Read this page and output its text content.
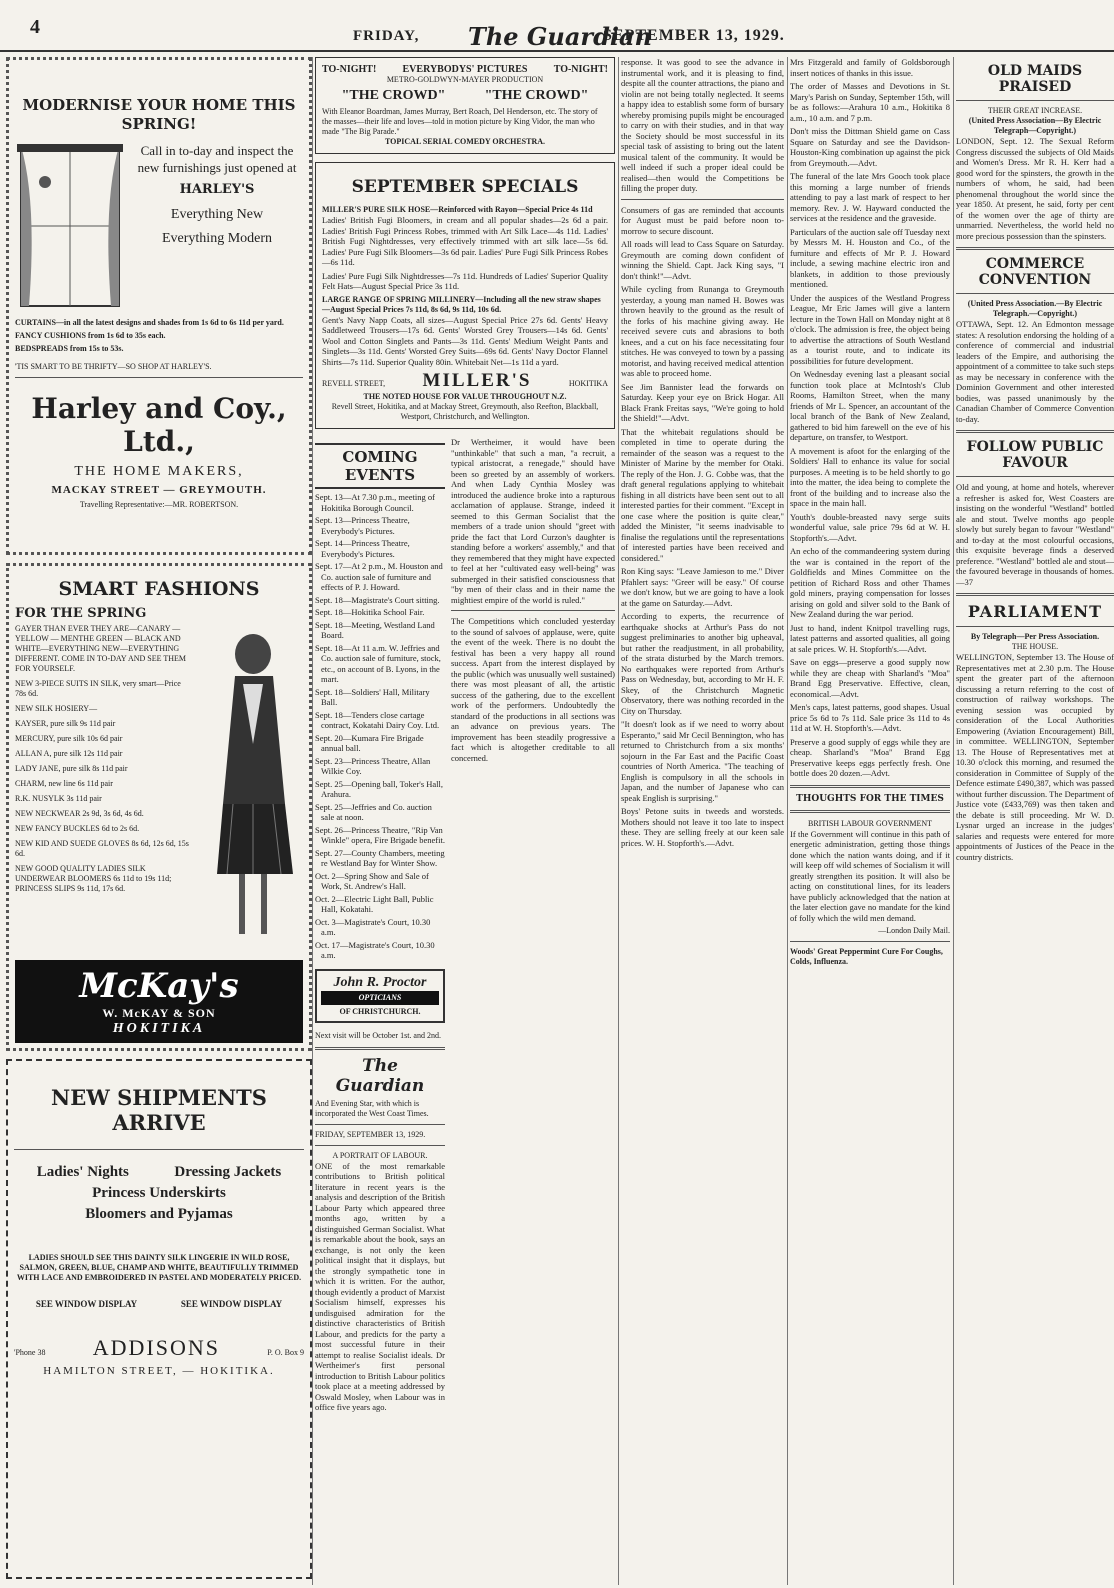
4	FRIDAY, The Guardian
SEPTEMBER 13, 1929.
MODERNISE YOUR HOME THIS SPRING!
Call in to-day and inspect the new furnishings just opened at
HARLEY'S
Everything New
Everything Modern
CURTAINS—in all the latest designs and shades from 1s 6d to 6s 11d per yard.
FANCY CUSHIONS from 1s 6d to 35s each.
BEDSPREADS from 15s to 53s.
'TIS SMART TO BE THRIFTY—SO SHOP AT HARLEY'S.
Harley and Coy., Ltd.,
THE HOME MAKERS,
MACKAY STREET — GREYMOUTH.
Travelling Representative:—MR. ROBERTSON.
SMART FASHIONS
FOR THE SPRING
GAYER THAN EVER THEY ARE—CANARY — YELLOW — MENTHE GREEN — BLACK AND WHITE—EVERYTHING NEW—EVERYTHING DIFFERENT. COME IN TO-DAY AND SEE THEM FOR YOURSELF.
NEW 3-PIECE SUITS IN SILK, very smart—Price 78s 6d.
NEW SILK HOSIERY—
KAYSER, pure silk 9s 11d pair
MERCURY, pure silk 10s 6d pair
ALLAN A, pure silk 12s 11d pair
LADY JANE, pure silk 8s 11d pair
CHARM, new line 6s 11d pair
R.K. NUSYLK 3s 11d pair
NEW NECKWEAR 2s 9d, 3s 6d, 4s 6d.
NEW FANCY BUCKLES 6d to 2s 6d.
NEW KID AND SUEDE GLOVES 8s 6d, 12s 6d, 15s 6d.
NEW GOOD QUALITY LADIES SILK UNDERWEAR BLOOMERS 6s 11d to 19s 11d; PRINCESS SLIPS 9s 11d, 17s 6d.
McKay's
W. McKAY & SON
HOKITIKA
NEW SHIPMENTS ARRIVE
Ladies' Nights	Dressing Jackets
Princess Underskirts
Bloomers and Pyjamas
LADIES SHOULD SEE THIS DAINTY SILK LINGERIE IN WILD ROSE, SALMON, GREEN, BLUE, CHAMP AND WHITE, BEAUTIFULLY TRIMMED WITH LACE AND EMBROIDERED IN PASTEL AND MODERATELY PRICED.
SEE WINDOW DISPLAY	SEE WINDOW DISPLAY
'Phone 38 ADDISONS	P. O. Box 9
HAMILTON STREET, — HOKITIKA.
TO-NIGHT!	EVERYBODYS' PICTURES	TO-NIGHT!
METRO-GOLDWYN-MAYER PRODUCTION
"THE CROWD"	"THE CROWD"
With Eleanor Boardman, James Murray, Bert Roach, Del Henderson, etc. The story of the masses—their life and loves—told in motion picture by King Vidor, the man who made "The Big Parade."
TOPICAL SERIAL COMEDY ORCHESTRA.
SEPTEMBER SPECIALS
MILLER'S PURE SILK HOSE—Reinforced with Rayon—Special Price 4s 11d

Ladies' British Fugi Bloomers, in cream and all popular shades—2s 6d a pair. Ladies' British Fugi Princess Robes, trimmed with Art Silk Lace—4s 11d. Ladies' British Fugi Nightdresses, very effectively trimmed with art silk lace—5s 6d. Ladies' Pure Fugi Silk Bloomers—3s 6d pair. Ladies' Pure Fugi Silk Princess Robes—6s 11d.

Ladies' Pure Fugi Silk Nightdresses—7s 11d. Hundreds of Ladies' Superior Quality Felt Hats—August Special Price 3s 11d.

LARGE RANGE OF SPRING MILLINERY—Including all the new straw shapes—August Special Prices 7s 11d, 8s 6d, 9s 11d, 10s 6d.

Gent's Navy Napp Coats, all sizes—August Special Price 27s 6d. Gents' Heavy Saddletweed Trousers—17s 6d. Gents' Worsted Grey Trousers—14s 6d. Gents' Wool and Cotton Singlets and Pants—3s 11d. Gents' Medium Weight Pants and Singlets—3s 11d. Gents' Worsted Grey Suits—69s 6d. Gents' Navy Doctor Flannel Shirts—7s 11d. Superior Quality 80in. Whitebait Net—1s 11d a yard.

REVELL STREET, MILLER'S	HOKITIKA
THE NOTED HOUSE FOR VALUE THROUGHOUT N.Z.
Revell Street, Hokitika, and at Mackay Street, Greymouth, also Reefton, Blackball, Westport, Christchurch, and Wellington.
COMING EVENTS

Sept. 13—At 7.30 p.m., meeting of Hokitika Borough Council.

Sept. 13—Princess Theatre, Everybody's Pictures.

Sept. 14—Princess Theatre, Everybody's Pictures.

Sept. 17—At 2 p.m., M. Houston and Co. auction sale of furniture and effects of P. J. Howard.

Sept. 18—Magistrate's Court sitting.

Sept. 18—Hokitika School Fair.

Sept. 18—Meeting, Westland Land Board.

Sept. 18—At 11 a.m. W. Jeffries and Co. auction sale of furniture, stock, etc., on account of B. Lyons, in the mart.

Sept. 18—Soldiers' Hall, Military Ball.

Sept. 18—Tenders close cartage contract, Kokatahi Dairy Coy. Ltd.

Sept. 20—Kumara Fire Brigade annual ball.

Sept. 23—Princess Theatre, Allan Wilkie Coy.

Sept. 25—Opening ball, Toker's Hall, Arahura.

Sept. 25—Jeffries and Co. auction sale at noon.

Sept. 26—Princess Theatre, "Rip Van Winkle" opera, Fire Brigade benefit.

Sept. 27—County Chambers, meeting re Westland Bay for Winter Show.

Oct. 2—Spring Show and Sale of Work, St. Andrew's Hall.

Oct. 2—Electric Light Ball, Public Hall, Kokatahi.

Oct. 3—Magistrate's Court, 10.30 a.m.

Oct. 17—Magistrate's Court, 10.30 a.m.

John R. Proctor
OPTICIANS
OF CHRISTCHURCH.
Next visit will be October 1st. and 2nd.
The Guardian
And Evening Star, with which is incorporated the West Coast Times.
FRIDAY, SEPTEMBER 13, 1929.
A PORTRAIT OF LABOUR.

ONE of the most remarkable contributions to British political literature in recent years is the analysis and description of the British Labour Party which appeared three months ago, written by a distinguished German Socialist. What is remarkable about the book, says an exchange, is not only the keen political insight that it displays, but the strongly sympathetic tone in which it is written. For the author, though evidently a product of Marxist Socialism himself, expresses his undisguised admiration for the distinctive characteristics of British Labour, and predicts for the party a most successful future in their attempt to realise Socialist ideals. Dr Wertheimer's first personal introduction to British Labour politics took place at a meeting addressed by Oswald Mosley, when Labour was in office five years ago.

Dr Wertheimer, it would have been "unthinkable" that such a man, "a recruit, a typical aristocrat, a renegade," should have been so greeted by an assembly of workers. And when Lady Cynthia Mosley was introduced the audience broke into a rapturous acclamation of applause. Strange, indeed it seemed to this German Socialist that the members of a trade union should "greet with pride the fact that Lord Curzon's daughter is standing before a workers' assembly," and that they remembered that they might have expected to feel at her "cultivated easy well-being" was submerged in their satisfied consciousness that "by men of their class and in their name the mightiest empire of the world is ruled."

The Competitions which concluded yesterday to the sound of salvoes of applause, were, quite the event of the week. There is no doubt the festival has been a very happy all round success. Apart from the interest displayed by the public (which was unusually well sustained) there was most pleasant of all, the artistic success of the gathering, due to the excellent work of the performers. Undoubtedly the standard of the productions in all sections was an advance on previous years. The improvement has been steadily progressive a fact which is altogether creditable to all concerned.

response. It was good to see the advance in instrumental work, and it is pleasing to find, despite all the counter attractions, the piano and violin are not being totally neglected. It seems a happy idea to establish some form of bursary whereby promising pupils might be encouraged to carry on with their studies, and in that way the Society should be most successful in its special task of assisting to bring out the latent musical talent of the community. It would be well indeed if such a proper ideal could be realised—then would the Competitions be filling the proper duty.

Consumers of gas are reminded that accounts for August must be paid before noon to-morrow to secure discount.

All roads will lead to Cass Square on Saturday. Greymouth are coming down confident of winning the Shield. Capt. Jack King says, "I don't think!"—Advt.

While cycling from Runanga to Greymouth yesterday, a young man named H. Bowes was thrown heavily to the ground as the result of the forks of his machine giving away. He received severe cuts and abrasions to both knees, and a cut on his face necessitating four stitches. He was conveyed to town by a passing motorist, and having received medical attention was able to proceed home.

See Jim Bannister lead the forwards on Saturday. Keep your eye on Brick Hogar. All Black Frank Freitas says, "We're going to hold the Shield!"—Advt.

That the whitebait regulations should be completed in time to operate during the remainder of the season was a request to the Minister of Marine by the member for Otaki. The reply of the Hon. J. G. Cobbe was, that the draft general regulations applying to whitebait fishing in all districts have been sent out to all interested parties for their comment. "Except in one case where the position is quite clear," added the Minister, "it seems inadvisable to finalise the regulations until the representations of interested parties have been received and considered."

Ron King says: "Leave Jamieson to me." Diver Pfahlert says: "Greer will be easy." Of course we don't know, but we are going to have a look at the game on Saturday.—Advt.

According to experts, the recurrence of earthquake shocks at Arthur's Pass do not suggest preliminaries to another big upheaval, but rather the readjustment, in all probability, of the strata disturbed by the March tremors. No earthquakes were reported from Arthur's Pass on Wednesday, but, according to Mr H. F. Skey, of the Christchurch Magnetic Observatory, there was nothing recorded in the City on Thursday.

"It doesn't look as if we need to worry about Esperanto," said Mr Cecil Bennington, who has returned to Christchurch from a six months' sojourn in the Far East and the Pacific Coast countries of North America. "The teaching of English is compulsory in all the schools in Japan, and the number of Japanese who can speak English is surprising."

Boys' Petone suits in tweeds and worsteds. Mothers should not leave it too late to inspect these. They are selling freely at our keen sale prices. W. H. Stopforth's.—Advt.

Mrs Fitzgerald and family of Goldsborough insert notices of thanks in this issue.

The order of Masses and Devotions in St. Mary's Parish on Sunday, September 15th, will be as follows:—Arahura 10 a.m., Hokitika 8 a.m., 10 a.m. and 7 p.m.

Don't miss the Dittman Shield game on Cass Square on Saturday and see the Davidson-Houston-King combination up against the pick from Greymouth.—Advt.

The funeral of the late Mrs Gooch took place this morning a large number of friends attending to pay a last mark of respect to her memory. Rev. J. W. Hayward conducted the services at the residence and the graveside.

Particulars of the auction sale off Tuesday next by Messrs M. H. Houston and Co., of the furniture and effects of Mr P. J. Howard include, a sewing machine electric iron and blankets, in addition to those previously mentioned.

Under the auspices of the Westland Progress League, Mr Eric James will give a lantern lecture in the Town Hall on Monday night at 8 o'clock. The admission is free, the object being to advertise the attractions of South Westland as a tourist route, and to indicate its possibilities for future development.

On Wednesday evening last a pleasant social function took place at McIntosh's Club Rooms, Hamilton Street, when the many friends of Mr L. Spencer, an accountant of the local branch of the Bank of New Zealand, gathered to bid him farewell on the eve of his departure, on transfer, to Westport.

A movement is afoot for the enlarging of the Soldiers' Hall to enhance its value for social purposes. A meeting is to be held shortly to go into the matter, the idea being to complete the front of the building and to increase also the space in the main hall.

Youth's double-breasted navy serge suits wonderful value, sale price 79s 6d at W. H. Stopforth's.—Advt.

An echo of the commandeering system during the war is contained in the report of the Goldfields and Mines Committee on the petition of Richard Ross and other Thames gold miners, praying compensation for losses arising on gold and silver sold to the Bank of New Zealand during the war period.

Just to hand, indent Knitpol travelling rugs, latest patterns and assorted qualities, all going at sale prices. W. H. Stopforth's.—Advt.

Save on eggs—preserve a good supply now while they are cheap with Sharland's "Moa" Brand Egg Preservative. Effective, clean, economical.—Advt.

Men's caps, latest patterns, good shapes. Usual price 5s 6d to 7s 11d. Sale price 3s 11d to 4s 11d at W. H. Stopforth's.—Advt.

Preserve a good supply of eggs while they are cheap. Sharland's "Moa" Brand Egg Preservative keeps eggs perfectly fresh. One bottle does 20 dozen.—Advt.

THOUGHTS FOR THE TIMES
BRITISH LABOUR GOVERNMENT

If the Government will continue in this path of energetic administration, getting those things done which the nation wants doing, and if it will keep off wild schemes of Socialism it will greatly strengthen its position. It will also be acting on constitutional lines, for its leaders have publicly acknowledged that the nation at the later election gave no mandate for the kind of folly which the wild men demand.

—London Daily Mail.
Woods' Great Peppermint Cure For Coughs, Colds, Influenza.
OLD MAIDS PRAISED
THEIR GREAT INCREASE.
(United Press Association—By Electric Telegraph—Copyright.)

LONDON, Sept. 12. The Sexual Reform Congress discussed the subjects of Old Maids and Women's Dress. Mr R. H. Kerr had a good word for the spinsters, the growth in the numbers of whom, he said, had been phenomenal throughout the world since the year 1850. At present, he said, forty per cent of the women over the age of thirty are unmarried. Nevertheless, the world held no more precious possession than the spinsters.

COMMERCE CONVENTION
(United Press Association.—By Electric Telegraph.—Copyright.)

OTTAWA, Sept. 12. An Edmonton message states: A resolution endorsing the holding of a conference of commercial and industrial leaders of the Empire, and authorising the appointment of a committee to take such steps as may be necessary in conference with the Dominion Government and other interested bodies, was passed unanimously by the Canadian Chamber of Commerce Convention to-day.

FOLLOW PUBLIC FAVOUR

Old and young, at home and hotels, wherever a refresher is asked for, West Coasters are insisting on the wonderful "Westland" bottled ale and stout. Twelve months ago people slowly but surely began to favour "Westland" and to-day at the most colourful occasions, this exquisite beverage finds a deserved preference. "Westland" bottled ale and stout—the favoured beverage in thousands of homes.—37

PARLIAMENT
By Telegraph—Per Press Association.
THE HOUSE.

WELLINGTON, September 13. The House of Representatives met at 2.30 p.m. The House spent the greater part of the afternoon discussing a return referring to the cost of construction of railway workshops. The evening session was occupied by consideration of the Local Authorities Empowering (Aviation Encouragement) Bill, in committee. WELLINGTON, September 13. The House of Representatives met at 10.30 o'clock this morning, and resumed the consideration in Committee of Supply of the Defence estimate £490,387, which was passed without further discussion. The Department of Justice vote (£433,769) was then taken and the debate is still proceeding. Mr W. D. Lysnar urged an increase in the judges' salaries and requests were entered for more appointments of Justices of the Peace in the country districts.
